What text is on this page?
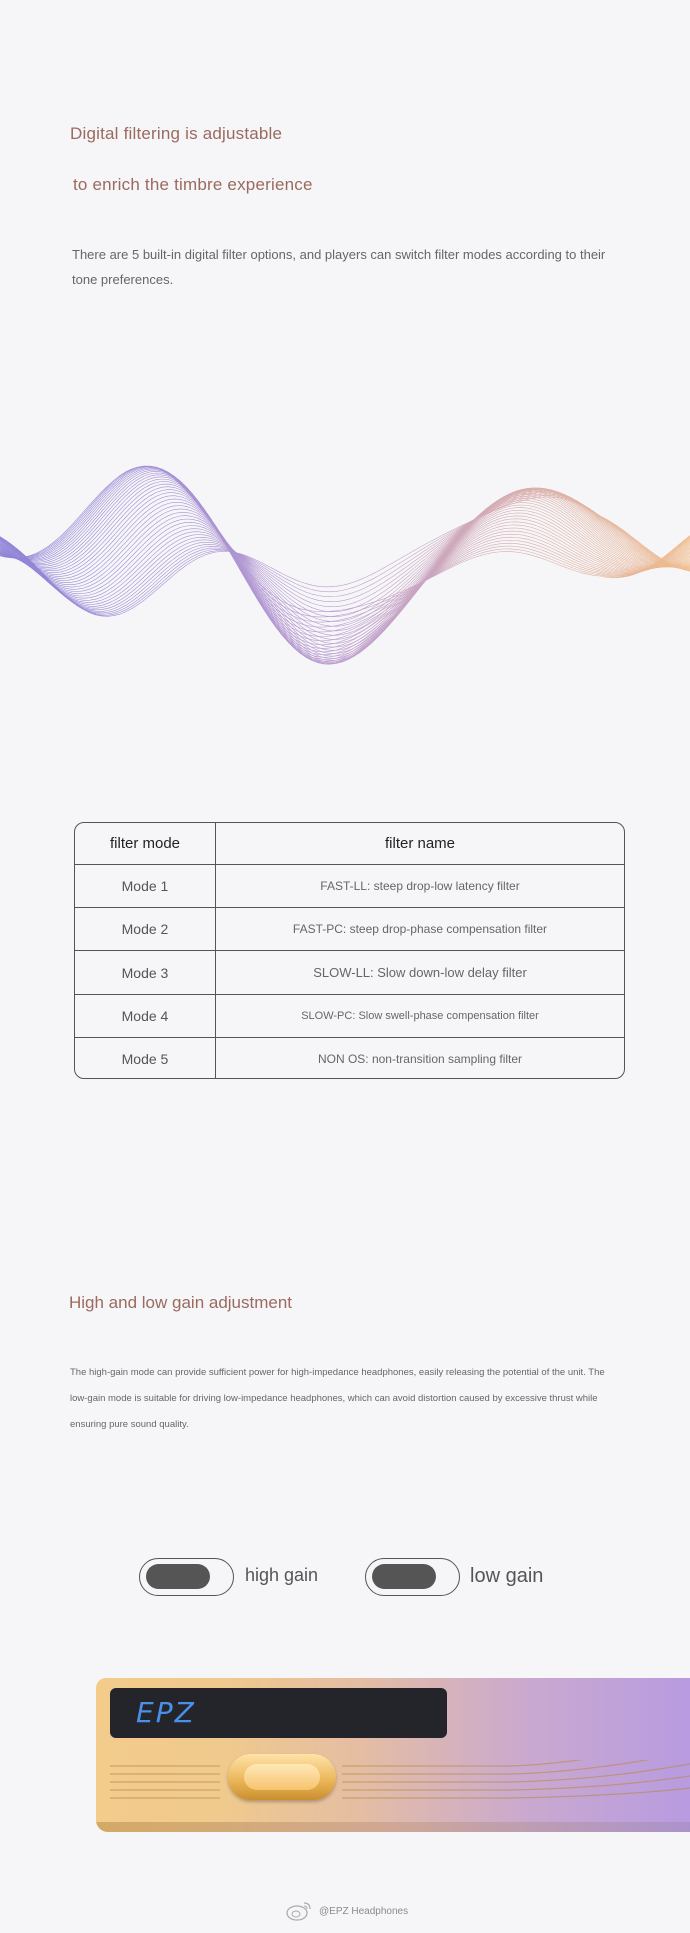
Digital filtering is adjustable
to enrich the timbre experience

There are 5 built-in digital filter options, and players can switch filter modes according to their tone preferences.

filter mode	filter name
Mode 1	FAST-LL: steep drop-low latency filter
Mode 2	FAST-PC: steep drop-phase compensation filter
Mode 3	SLOW-LL: Slow down-low delay filter
Mode 4	SLOW-PC: Slow swell-phase compensation filter
Mode 5	NON OS: non-transition sampling filter
High and low gain adjustment

The high-gain mode can provide sufficient power for high-impedance headphones, easily releasing the potential of the unit. The low-gain mode is suitable for driving low-impedance headphones, which can avoid distortion caused by excessive thrust while ensuring pure sound quality.

high gain	low gain
EPZ
@EPZ Headphones
